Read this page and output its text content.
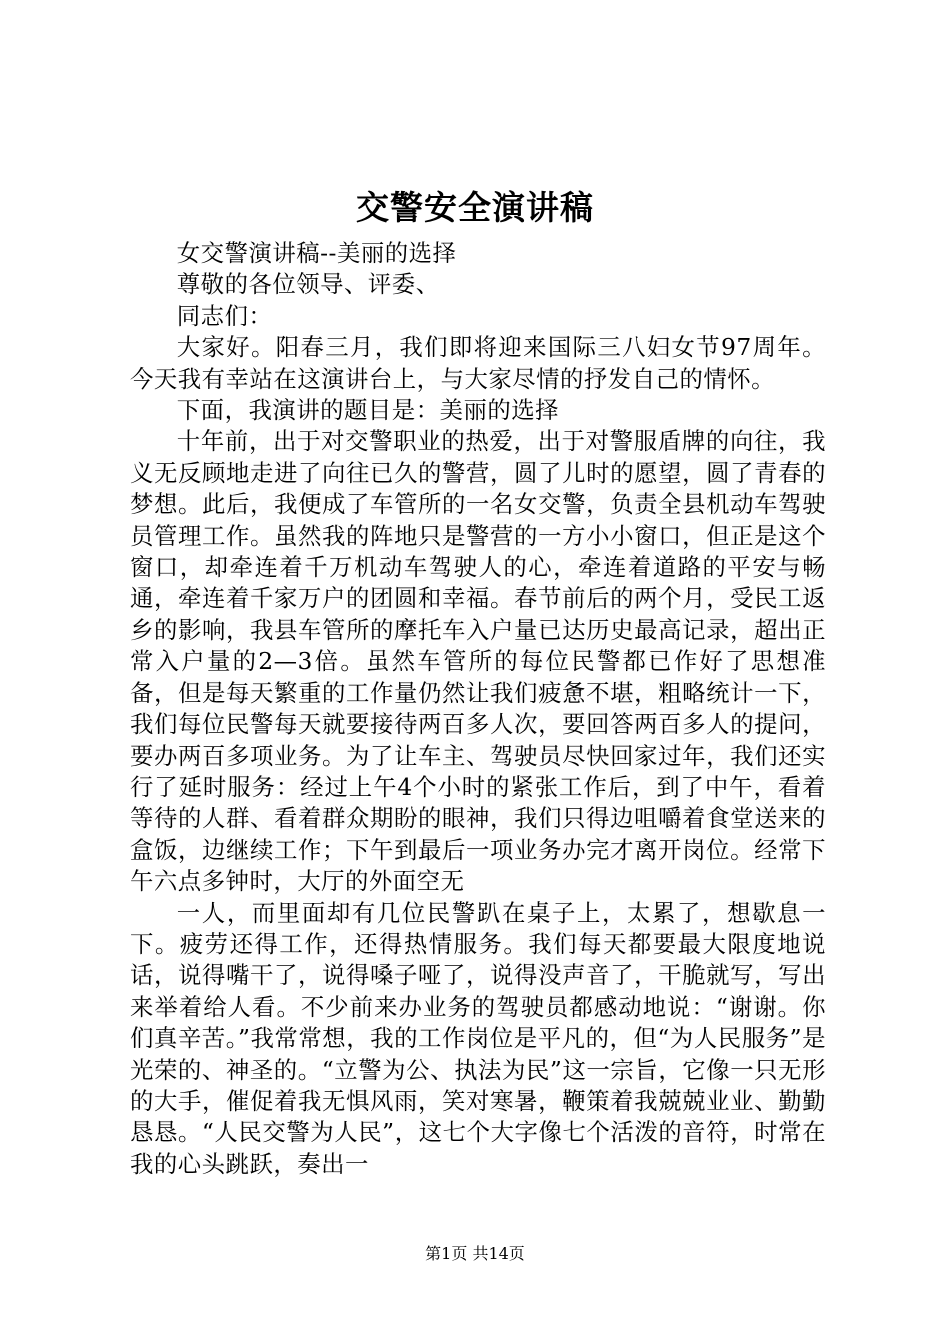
交警安全演讲稿

女交警演讲稿--美丽的选择

尊敬的各位领导、评委、

同志们：

大家好。阳春三月，我们即将迎来国际三八妇女节97周年。今天我有幸站在这演讲台上，与大家尽情的抒发自己的情怀。

下面，我演讲的题目是：美丽的选择

十年前，出于对交警职业的热爱，出于对警服盾牌的向往，我义无反顾地走进了向往已久的警营，圆了儿时的愿望，圆了青春的梦想。此后，我便成了车管所的一名女交警，负责全县机动车驾驶员管理工作。虽然我的阵地只是警营的一方小小窗口，但正是这个窗口，却牵连着千万机动车驾驶人的心，牵连着道路的平安与畅通，牵连着千家万户的团圆和幸福。春节前后的两个月，受民工返乡的影响，我县车管所的摩托车入户量已达历史最高记录，超出正常入户量的2—3倍。虽然车管所的每位民警都已作好了思想准备，但是每天繁重的工作量仍然让我们疲惫不堪，粗略统计一下，我们每位民警每天就要接待两百多人次，要回答两百多人的提问，要办两百多项业务。为了让车主、驾驶员尽快回家过年，我们还实行了延时服务：经过上午4个小时的紧张工作后，到了中午，看着等待的人群、看着群众期盼的眼神，我们只得边咀嚼着食堂送来的盒饭，边继续工作；下午到最后一项业务办完才离开岗位。经常下午六点多钟时，大厅的外面空无

一人，而里面却有几位民警趴在桌子上，太累了，想歇息一下。疲劳还得工作，还得热情服务。我们每天都要最大限度地说话，说得嘴干了，说得嗓子哑了，说得没声音了，干脆就写，写出来举着给人看。不少前来办业务的驾驶员都感动地说：“谢谢。你们真辛苦。”我常常想，我的工作岗位是平凡的，但“为人民服务”是光荣的、神圣的。“立警为公、执法为民”这一宗旨，它像一只无形的大手，催促着我无惧风雨，笑对寒暑，鞭策着我兢兢业业、勤勤恳恳。“人民交警为人民”，这七个大字像七个活泼的音符，时常在我的心头跳跃，奏出一

第1页 共14页
